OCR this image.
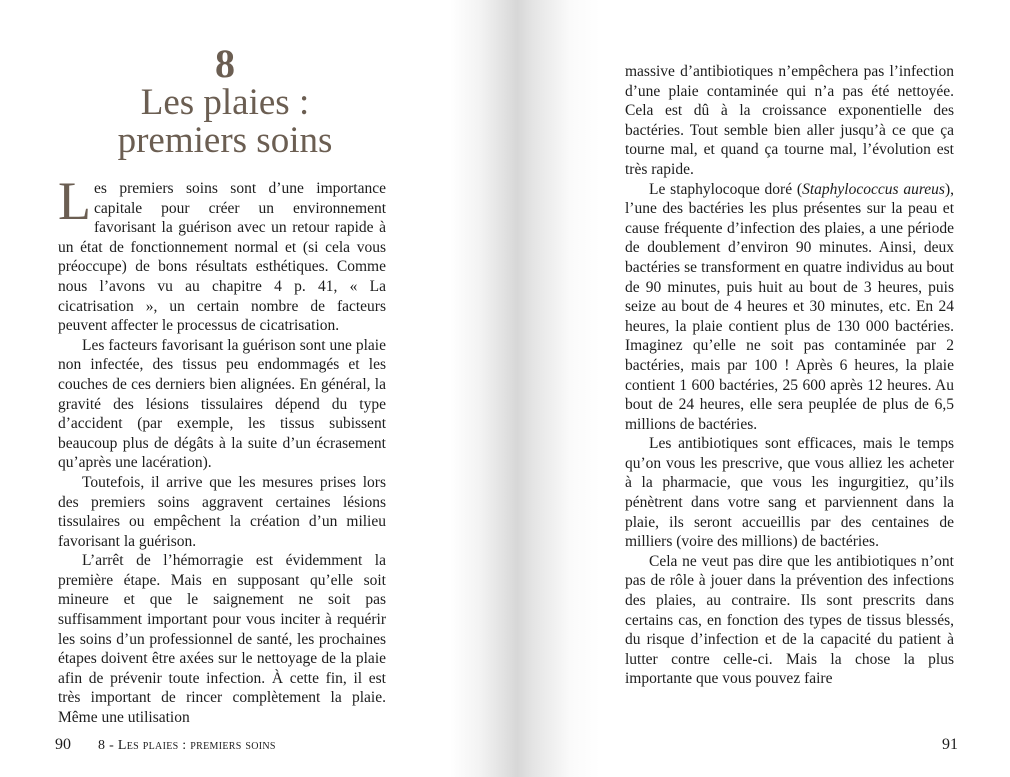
8
Les plaies :
premiers soins

Les premiers soins sont d’une importance capitale pour créer un environnement favorisant la guérison avec un retour rapide à un état de fonctionnement normal et (si cela vous préoccupe) de bons résultats esthétiques. Comme nous l’avons vu au chapitre 4 p. 41, « La cicatrisation », un certain nombre de facteurs peuvent affecter le processus de cicatrisation.

Les facteurs favorisant la guérison sont une plaie non infectée, des tissus peu endommagés et les couches de ces derniers bien alignées. En général, la gravité des lésions tissulaires dépend du type d’accident (par exemple, les tissus subissent beaucoup plus de dégâts à la suite d’un écrasement qu’après une lacération).

Toutefois, il arrive que les mesures prises lors des premiers soins aggravent certaines lésions tissulaires ou empêchent la création d’un milieu favorisant la guérison.

L’arrêt de l’hémorragie est évidemment la première étape. Mais en supposant qu’elle soit mineure et que le saignement ne soit pas suffisamment important pour vous inciter à requérir les soins d’un professionnel de santé, les prochaines étapes doivent être axées sur le nettoyage de la plaie afin de prévenir toute infection. À cette fin, il est très important de rincer complètement la plaie. Même une utilisation

90 8 - Les plaies : premiers soins

massive d’antibiotiques n’empêchera pas l’infection d’une plaie contaminée qui n’a pas été nettoyée. Cela est dû à la croissance exponentielle des bactéries. Tout semble bien aller jusqu’à ce que ça tourne mal, et quand ça tourne mal, l’évolution est très rapide.

Le staphylocoque doré (Staphylococcus aureus), l’une des bactéries les plus présentes sur la peau et cause fréquente d’infection des plaies, a une période de doublement d’environ 90 minutes. Ainsi, deux bactéries se transforment en quatre individus au bout de 90 minutes, puis huit au bout de 3 heures, puis seize au bout de 4 heures et 30 minutes, etc. En 24 heures, la plaie contient plus de 130 000 bactéries. Imaginez qu’elle ne soit pas contaminée par 2 bactéries, mais par 100 ! Après 6 heures, la plaie contient 1 600 bactéries, 25 600 après 12 heures. Au bout de 24 heures, elle sera peuplée de plus de 6,5 millions de bactéries.

Les antibiotiques sont efficaces, mais le temps qu’on vous les prescrive, que vous alliez les acheter à la pharmacie, que vous les ingurgitiez, qu’ils pénètrent dans votre sang et parviennent dans la plaie, ils seront accueillis par des centaines de milliers (voire des millions) de bactéries.

Cela ne veut pas dire que les antibiotiques n’ont pas de rôle à jouer dans la prévention des infections des plaies, au contraire. Ils sont prescrits dans certains cas, en fonction des types de tissus blessés, du risque d’infection et de la capacité du patient à lutter contre celle-ci. Mais la chose la plus importante que vous pouvez faire

91
